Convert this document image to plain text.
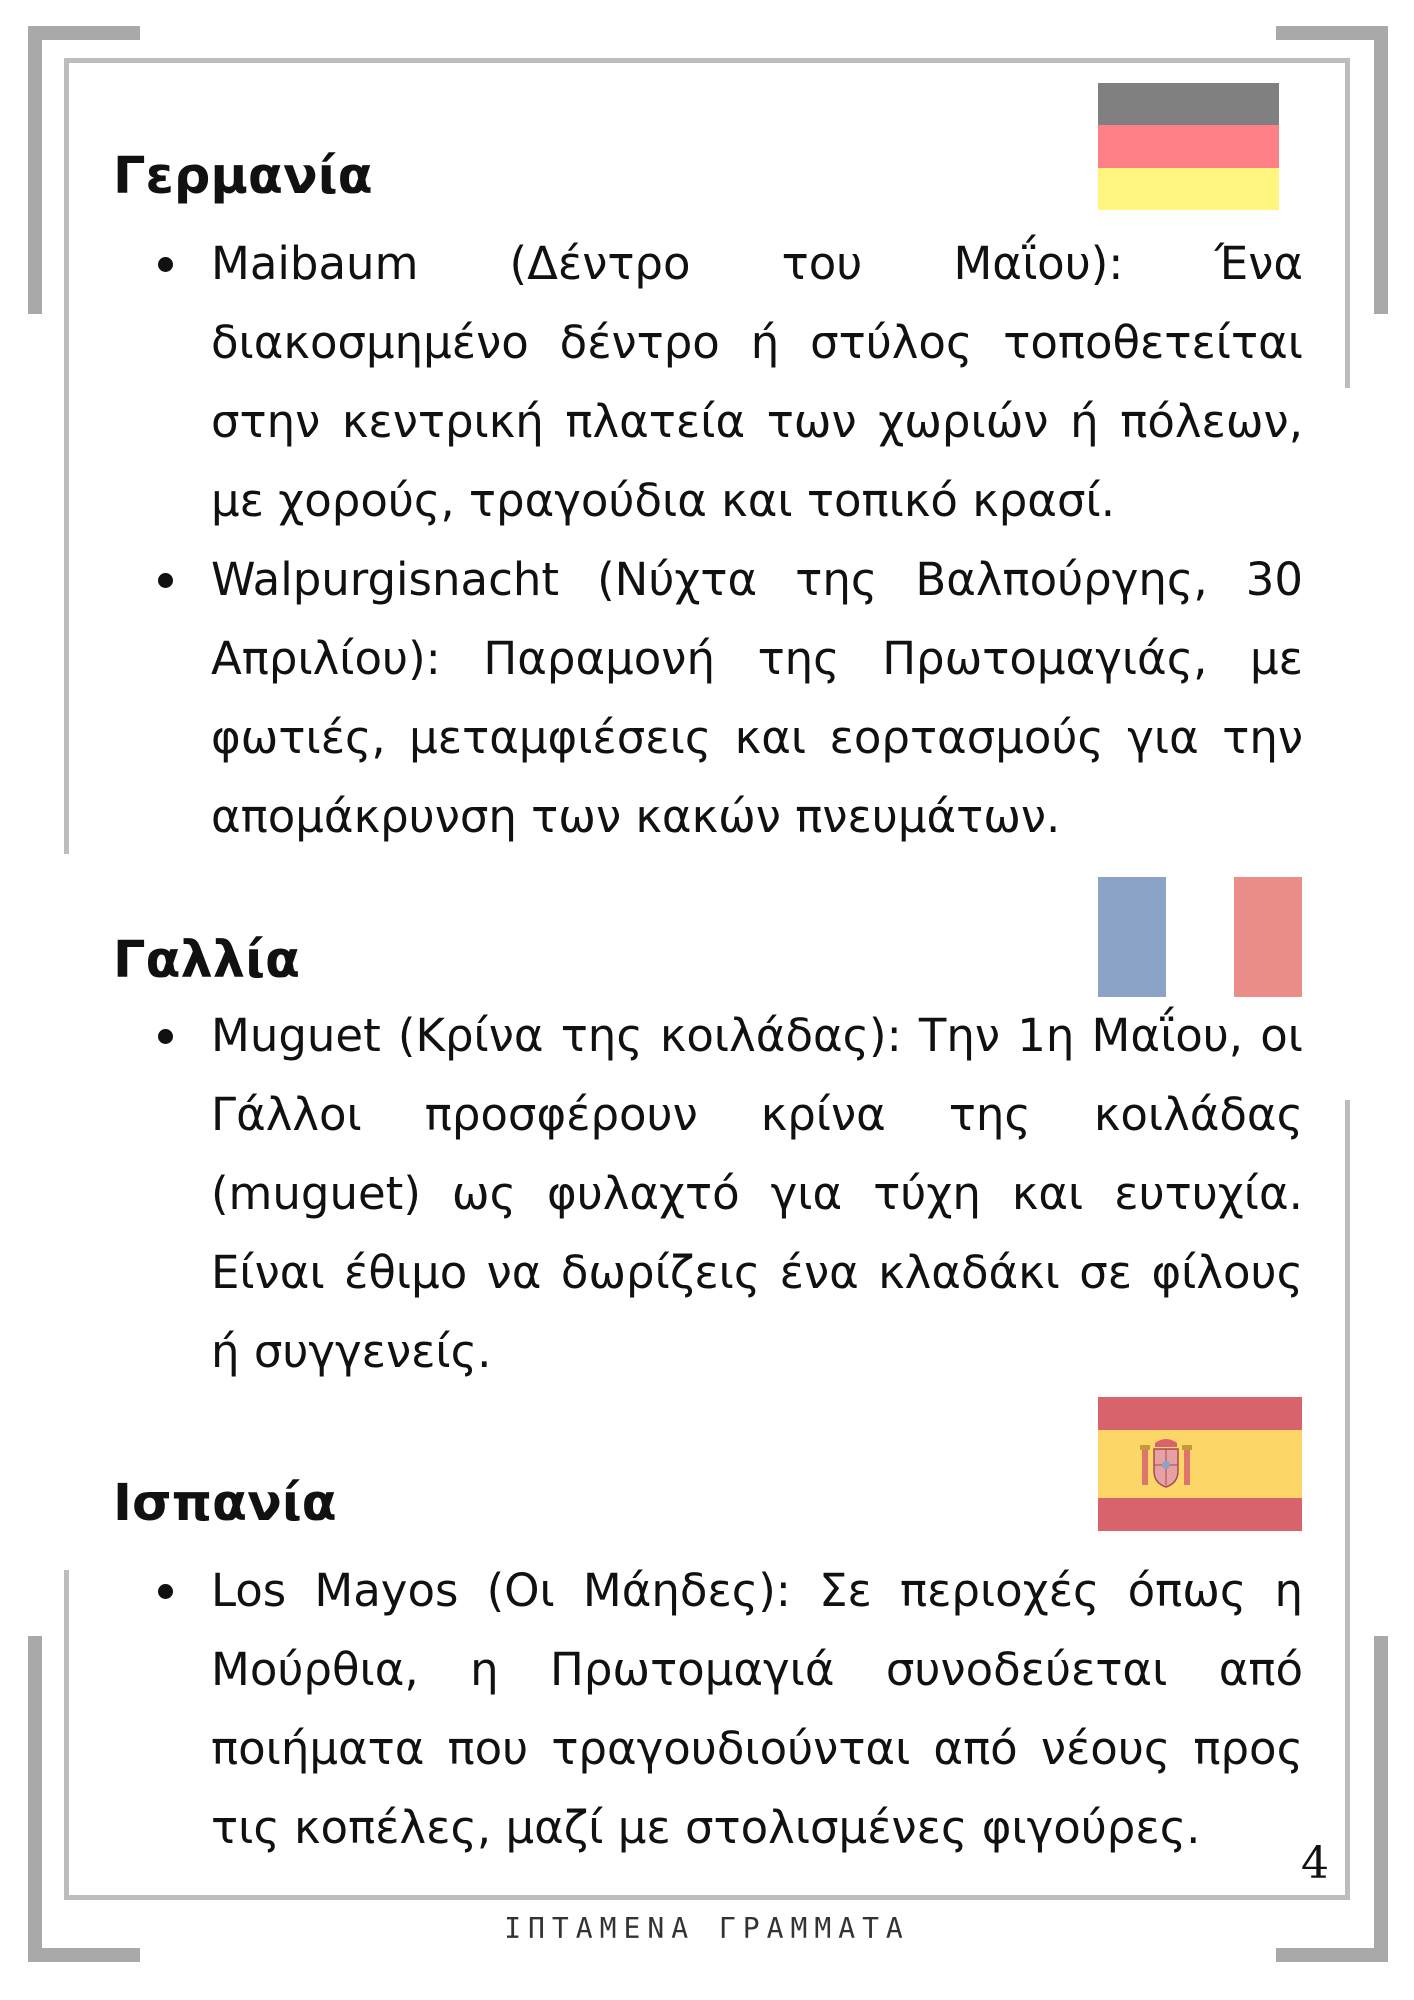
Γερμανία
Maibaum (Δέντρο του Μαΐου): Ένα διακοσμημένο δέντρο ή στύλος τοποθετείται στην κεντρική πλατεία των χωριών ή πόλεων, με χορούς, τραγούδια και τοπικό κρασί.
Walpurgisnacht (Νύχτα της Βαλπούργης, 30 Απριλίου): Παραμονή της Πρωτομαγιάς, με φωτιές, μεταμφιέσεις και εορτασμούς για την απομάκρυνση των κακών πνευμάτων.
Γαλλία
Muguet (Κρίνα της κοιλάδας): Την 1η Μαΐου, οι Γάλλοι προσφέρουν κρίνα της κοιλάδας (muguet) ως φυλαχτό για τύχη και ευτυχία. Είναι έθιμο να δωρίζεις ένα κλαδάκι σε φίλους ή συγγενείς.
Ισπανία
Los Mayos (Οι Μάηδες): Σε περιοχές όπως η Μούρθια, η Πρωτομαγιά συνοδεύεται από ποιήματα που τραγουδιούνται από νέους προς τις κοπέλες, μαζί με στολισμένες φιγούρες.
4
ΙΠΤΑΜΕΝΑ ΓΡΑΜΜΑΤΑ
